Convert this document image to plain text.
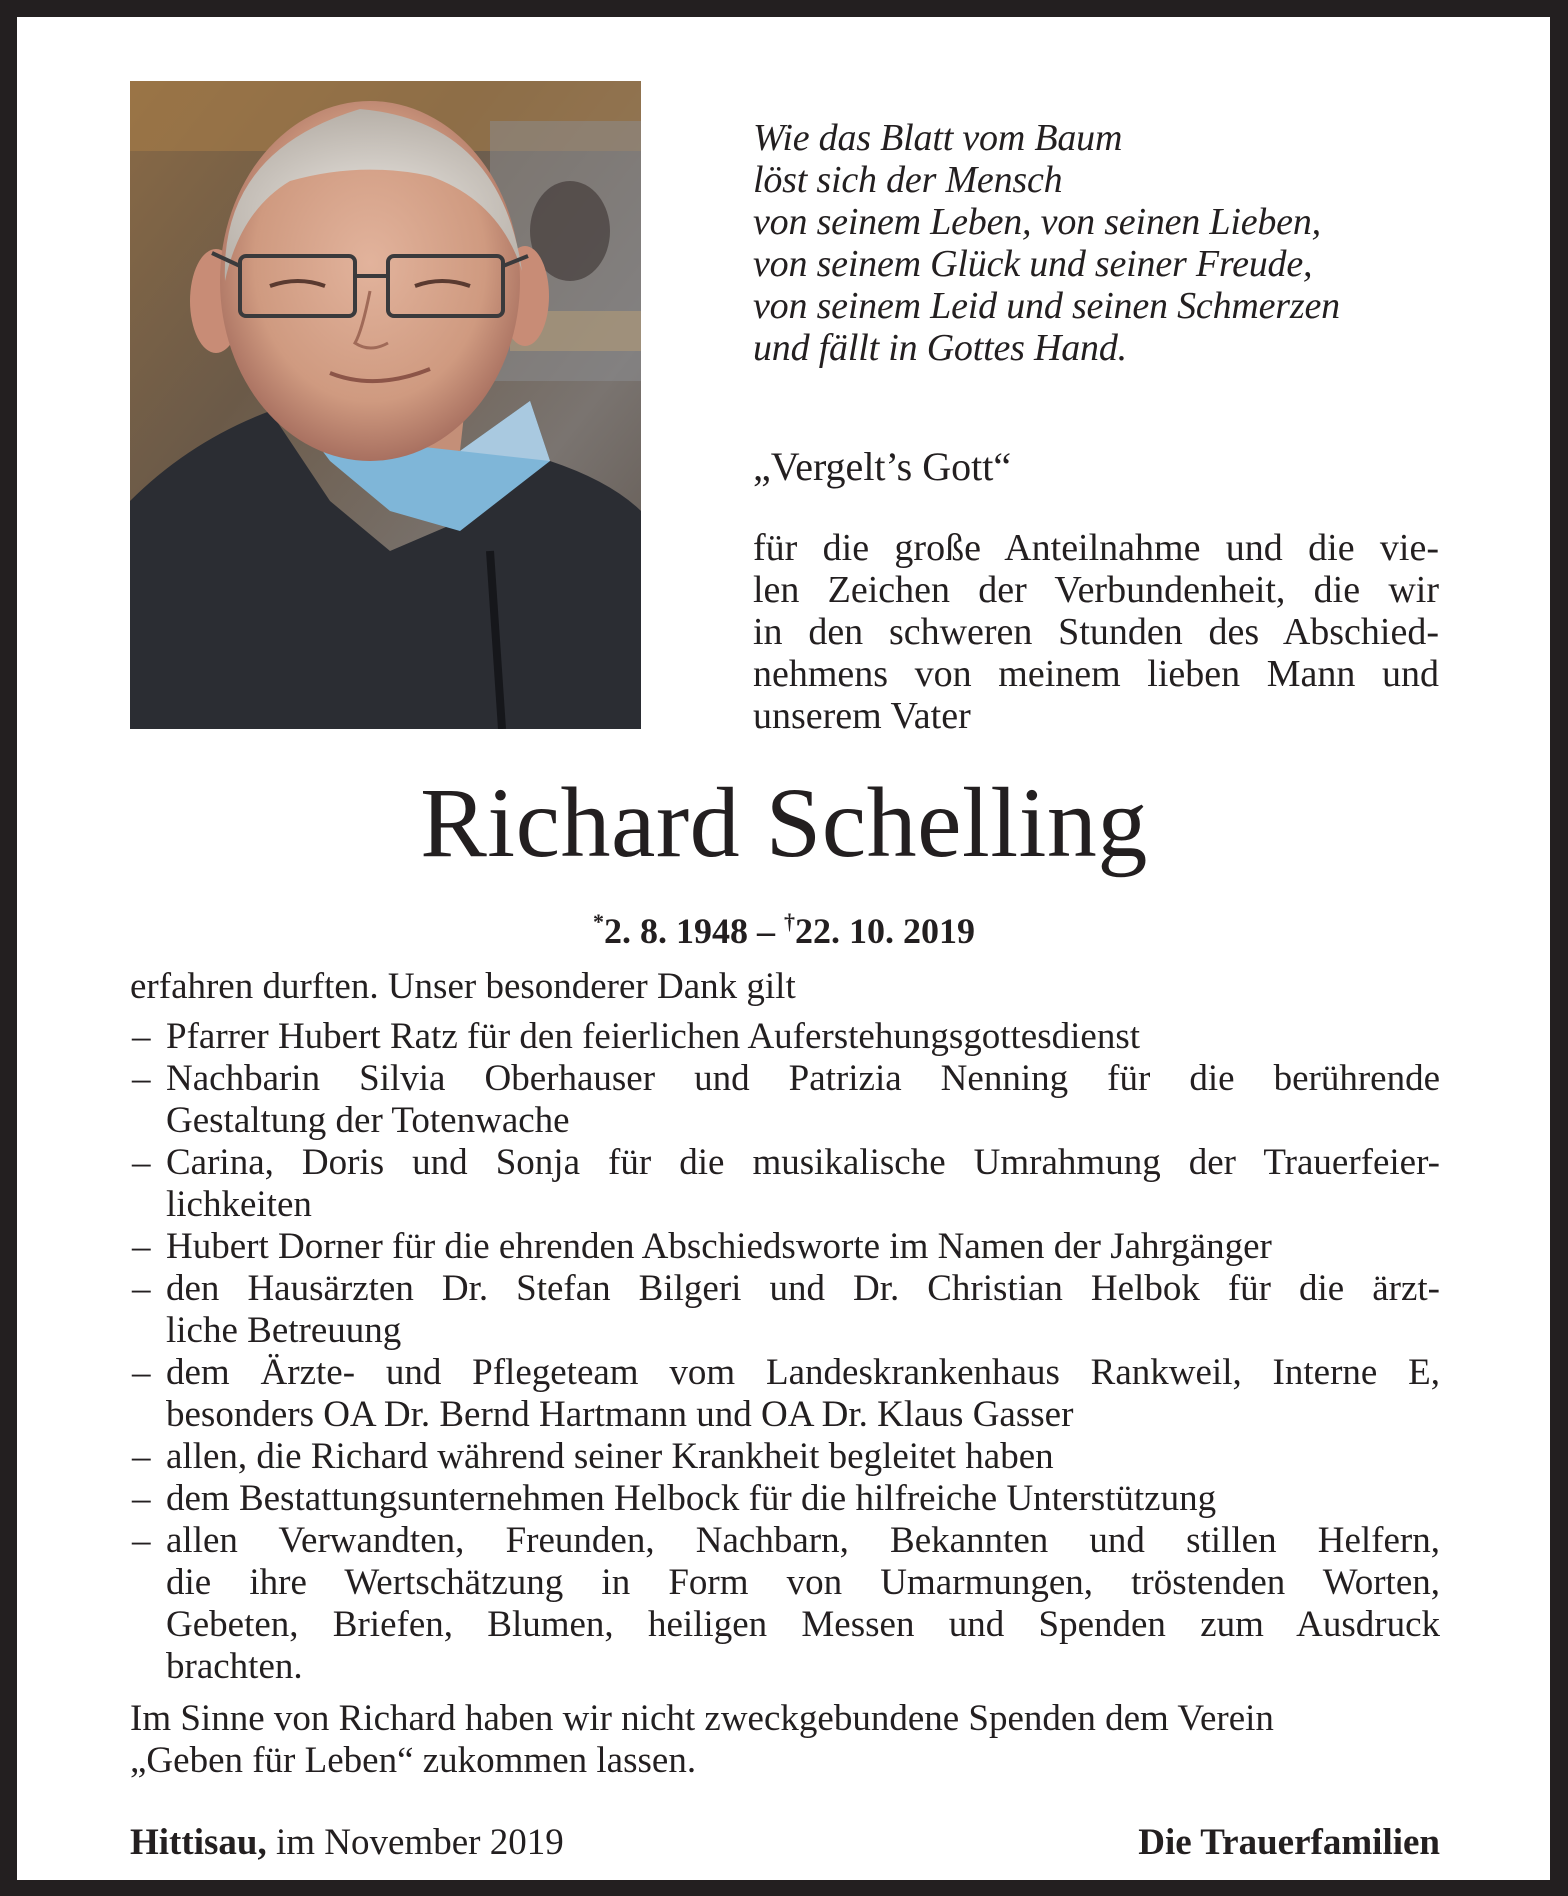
Wie das Blatt vom Baum
löst sich der Mensch
von seinem Leben, von seinen Lieben,
von seinem Glück und seiner Freude,
von seinem Leid und seinen Schmerzen
und fällt in Gottes Hand.
„Vergelt’s Gott“
für die große Anteilnahme und die vie-
len Zeichen der Verbundenheit, die wir
in den schweren Stunden des Abschied-
nehmens von meinem lieben Mann und
unserem Vater
Richard Schelling
*2. 8. 1948 – †22. 10. 2019
erfahren durften. Unser besonderer Dank gilt
– Pfarrer Hubert Ratz für den feierlichen Auferstehungsgottesdienst
– Nachbarin Silvia Oberhauser und Patrizia Nenning für die berührende
Gestaltung der Totenwache
– Carina, Doris und Sonja für die musikalische Umrahmung der Trauerfeier-
lichkeiten
– Hubert Dorner für die ehrenden Abschiedsworte im Namen der Jahrgänger
– den Hausärzten Dr. Stefan Bilgeri und Dr. Christian Helbok für die ärzt-
liche Betreuung
– dem Ärzte- und Pflegeteam vom Landeskrankenhaus Rankweil, Interne E,
besonders OA Dr. Bernd Hartmann und OA Dr. Klaus Gasser
– allen, die Richard während seiner Krankheit begleitet haben
– dem Bestattungsunternehmen Helbock für die hilfreiche Unterstützung
– allen Verwandten, Freunden, Nachbarn, Bekannten und stillen Helfern,
die ihre Wertschätzung in Form von Umarmungen, tröstenden Worten,
Gebeten, Briefen, Blumen, heiligen Messen und Spenden zum Ausdruck
brachten.
Im Sinne von Richard haben wir nicht zweckgebundene Spenden dem Verein
„Geben für Leben“ zukommen lassen.
Hittisau, im November 2019	Die Trauerfamilien
